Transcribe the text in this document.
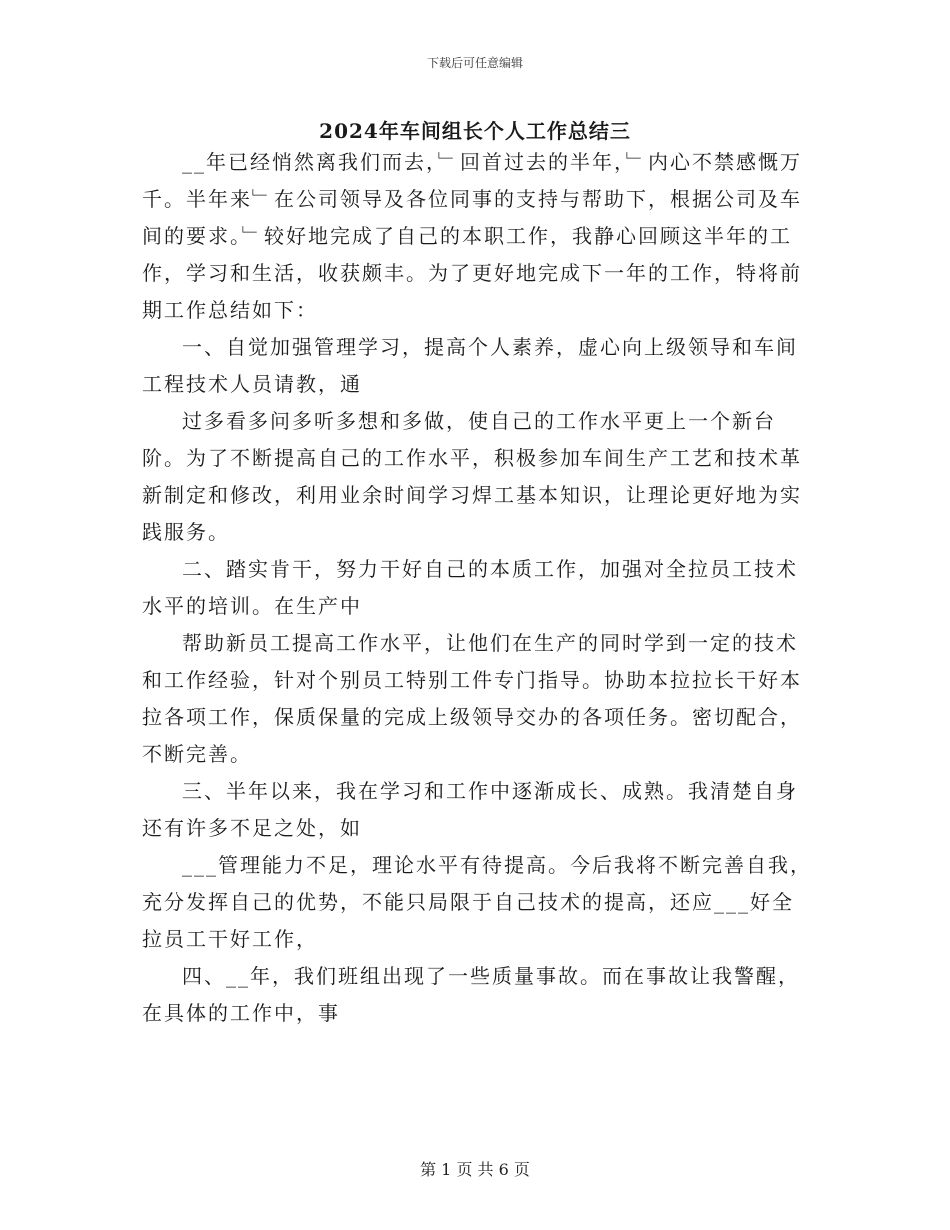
下载后可任意编辑
2024年车间组长个人工作总结三

__年已经悄然离我们而去，﹂回首过去的半年，﹂内心不禁感慨万千。半年来﹂在公司领导及各位同事的支持与帮助下，根据公司及车间的要求。﹂较好地完成了自己的本职工作，我静心回顾这半年的工作，学习和生活，收获颇丰。为了更好地完成下一年的工作，特将前期工作总结如下：

一、自觉加强管理学习，提高个人素养，虚心向上级领导和车间工程技术人员请教，通

过多看多问多听多想和多做，使自己的工作水平更上一个新台阶。为了不断提高自己的工作水平，积极参加车间生产工艺和技术革新制定和修改，利用业余时间学习焊工基本知识，让理论更好地为实践服务。

二、踏实肯干，努力干好自己的本质工作，加强对全拉员工技术水平的培训。在生产中

帮助新员工提高工作水平，让他们在生产的同时学到一定的技术和工作经验，针对个别员工特别工件专门指导。协助本拉拉长干好本拉各项工作，保质保量的完成上级领导交办的各项任务。密切配合，不断完善。

三、半年以来，我在学习和工作中逐渐成长、成熟。我清楚自身还有许多不足之处，如

___管理能力不足，理论水平有待提高。今后我将不断完善自我，充分发挥自己的优势，不能只局限于自己技术的提高，还应___好全拉员工干好工作，

四、__年，我们班组出现了一些质量事故。而在事故让我警醒，在具体的工作中，事

第 1 页 共 6 页
